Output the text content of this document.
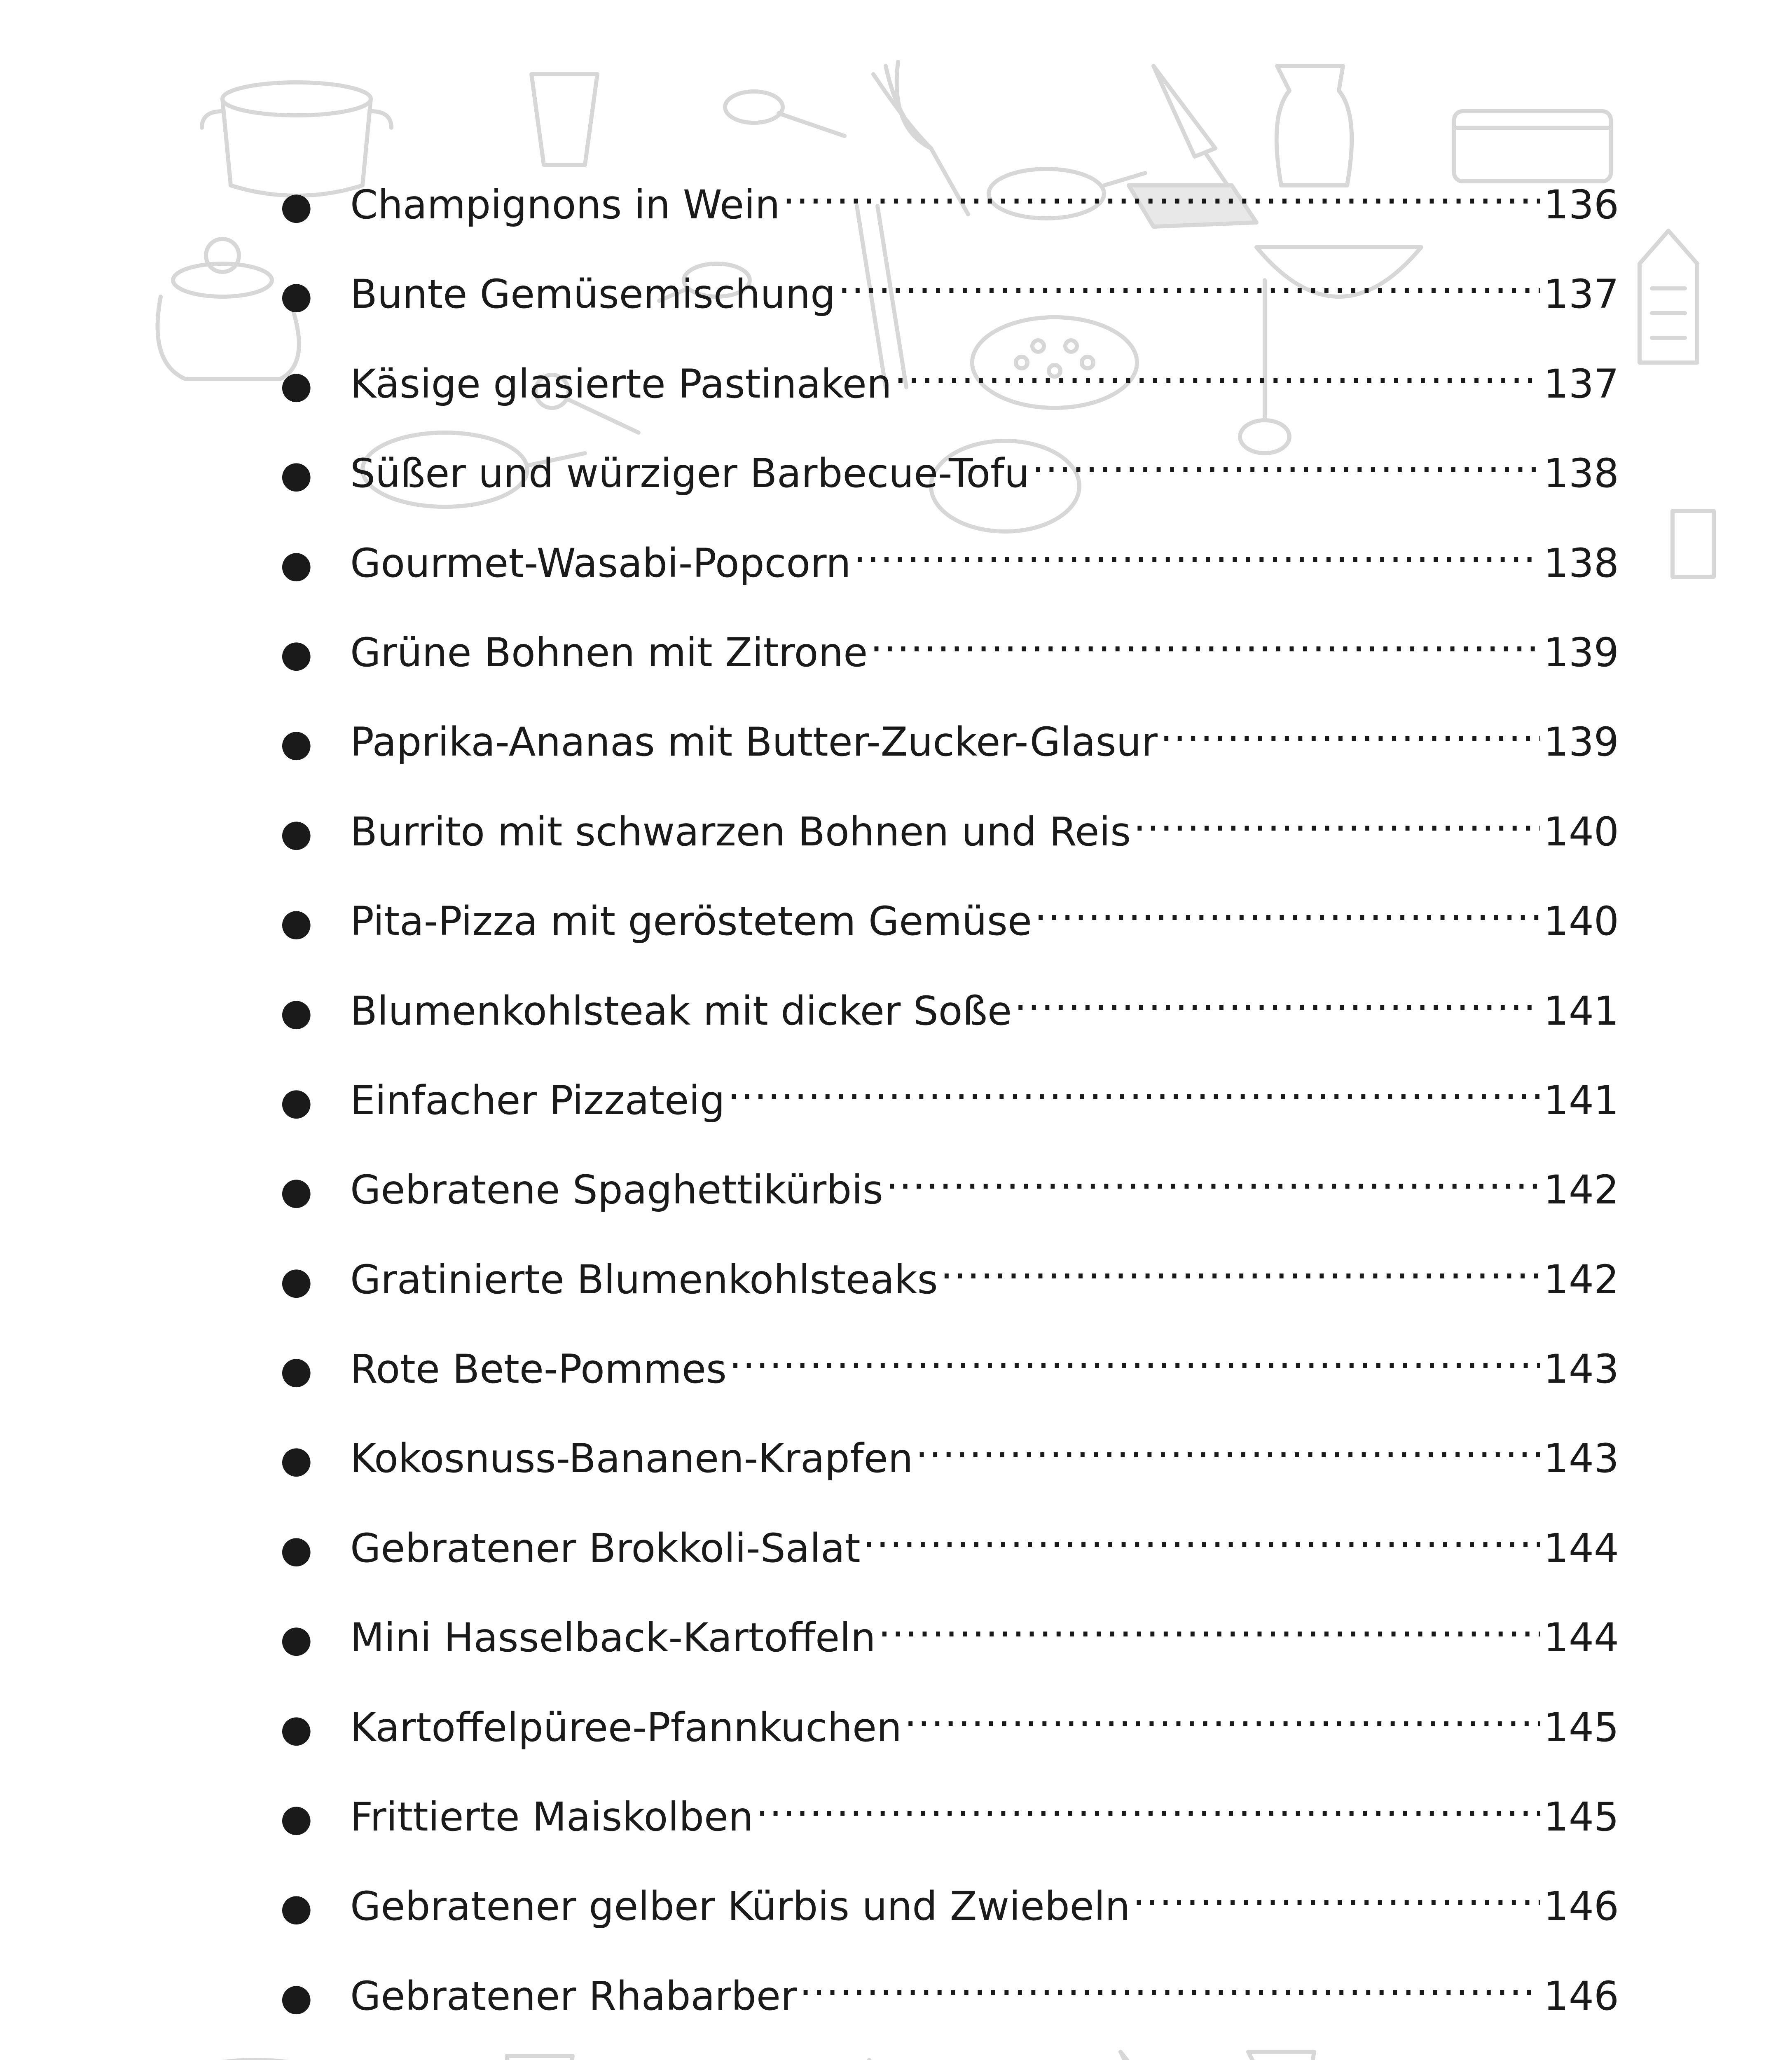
● Champignons in Wein .....	136
● Bunte Gemüsemischung .....	137
● Käsige glasierte Pastinaken .....	137
● Süßer und würziger Barbecue-Tofu .....	138
● Gourmet-Wasabi-Popcorn .....	138
● Grüne Bohnen mit Zitrone .....	139
● Paprika-Ananas mit Butter-Zucker-Glasur .....	139
● Burrito mit schwarzen Bohnen und Reis .....	140
● Pita-Pizza mit geröstetem Gemüse .....	140
● Blumenkohlsteak mit dicker Soße .....	141
● Einfacher Pizzateig .....	141
● Gebratene Spaghettikürbis .....	142
● Gratinierte Blumenkohlsteaks .....	142
● Rote Bete-Pommes .....	143
● Kokosnuss-Bananen-Krapfen .....	143
● Gebratener Brokkoli-Salat .....	144
● Mini Hasselback-Kartoffeln .....	144
● Kartoffelpüree-Pfannkuchen .....	145
● Frittierte Maiskolben .....	145
● Gebratener gelber Kürbis und Zwiebeln .....	146
● Gebratener Rhabarber .....	146
.....
